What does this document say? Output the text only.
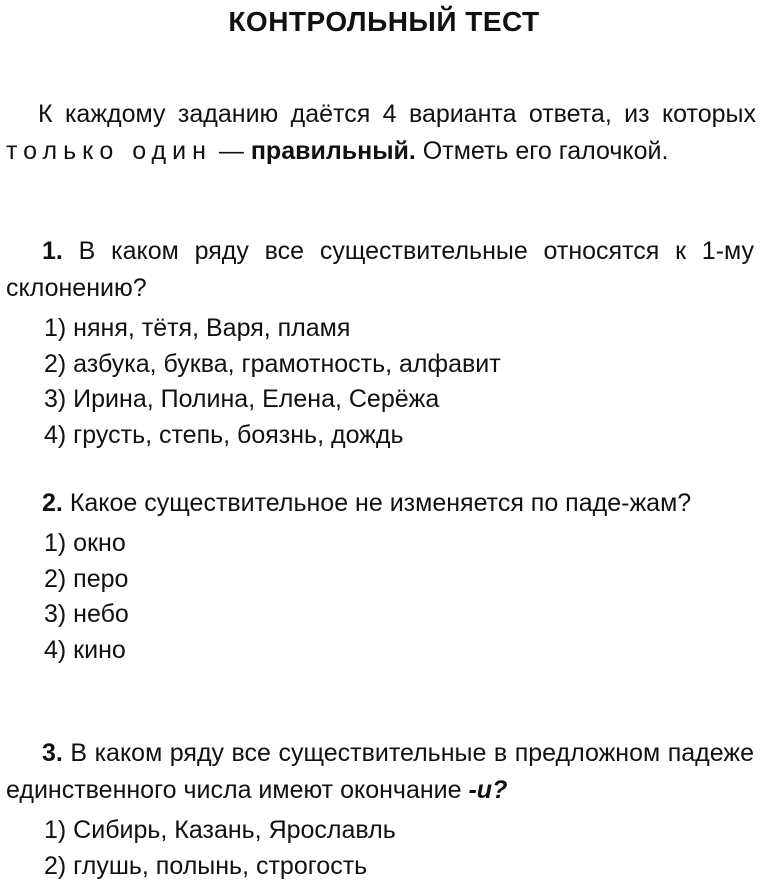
КОНТРОЛЬНЫЙ ТЕСТ
К каждому заданию даётся 4 варианта ответа, из которых только один — правильный. Отметь его галочкой.
1. В каком ряду все существительные относятся к 1-му склонению?
1) няня, тётя, Варя, пламя
2) азбука, буква, грамотность, алфавит
3) Ирина, Полина, Елена, Серёжа
4) грусть, степь, боязнь, дождь
2. Какое существительное не изменяется по паде-жам?
1) окно
2) перо
3) небо
4) кино
3. В каком ряду все существительные в предложном падеже единственного числа имеют окончание -и?
1) Сибирь, Казань, Ярославль
2) глушь, полынь, строгость
